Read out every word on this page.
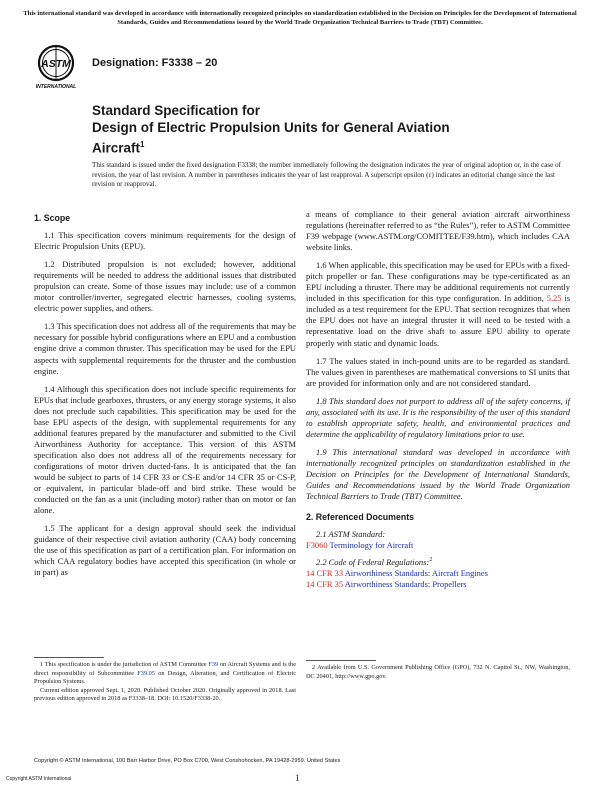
This international standard was developed in accordance with internationally recognized principles on standardization established in the Decision on Principles for the Development of International Standards, Guides and Recommendations issued by the World Trade Organization Technical Barriers to Trade (TBT) Committee.
ASTM
INTERNATIONAL
Designation: F3338 – 20
Standard Specification for
Design of Electric Propulsion Units for General Aviation
Aircraft$^1$
This standard is issued under the fixed designation F3338; the number immediately following the designation indicates the year of original adoption or, in the case of revision, the year of last revision. A number in parentheses indicates the year of last reapproval. A superscript epsilon (ε) indicates an editorial change since the last revision or reapproval.
1. Scope

1.1 This specification covers minimum requirements for the design of Electric Propulsion Units (EPU).

1.2 Distributed propulsion is not excluded; however, additional requirements will be needed to address the additional issues that distributed propulsion can create. Some of those issues may include: use of a common motor controller/inverter, segregated electric harnesses, cooling systems, electric power supplies, and others.

1.3 This specification does not address all of the requirements that may be necessary for possible hybrid configurations where an EPU and a combustion engine drive a common thruster. This specification may be used for the EPU aspects with supplemental requirements for the thruster and the combustion engine.

1.4 Although this specification does not include specific requirements for EPUs that include gearboxes, thrusters, or any energy storage systems, it also does not preclude such capabilities. This specification may be used for the base EPU aspects of the design, with supplemental requirements for any additional features prepared by the manufacturer and submitted to the Civil Airworthiness Authority for acceptance. This version of this ASTM specification also does not address all of the requirements necessary for configurations of motor driven ducted-fans. It is anticipated that the fan would be subject to parts of 14 CFR 33 or CS-E and/or 14 CFR 35 or CS-P, or equivalent, in particular blade-off and bird strike. These would be conducted on the fan as a unit (including motor) rather than on motor or fan alone.

1.5 The applicant for a design approval should seek the individual guidance of their respective civil aviation authority (CAA) body concerning the use of this specification as part of a certification plan. For information on which CAA regulatory bodies have accepted this specification (in whole or in part) as

1 This specification is under the jurisdiction of ASTM Committee F39 on Aircraft Systems and is the direct responsibility of Subcommittee F39.05 on Design, Alteration, and Certification of Electric Propulsion Systems.

Current edition approved Sept. 1, 2020. Published October 2020. Originally approved in 2018. Last previous edition approved in 2018 as F3338–18. DOI: 10.1520/F3338-20.

a means of compliance to their general aviation aircraft airworthiness regulations (hereinafter referred to as “the Rules”), refer to ASTM Committee F39 webpage (www.ASTM.org/COMITTEE/F39.htm), which includes CAA website links.

1.6 When applicable, this specification may be used for EPUs with a fixed-pitch propeller or fan. These configurations may be type-certificated as an EPU including a thruster. There may be additional requirements not currently included in this specification for this type configuration. In addition, 5.25 is included as a test requirement for the EPU. That section recognizes that when the EPU does not have an integral thruster it will need to be tested with a representative load on the drive shaft to assure EPU ability to operate properly with static and dynamic loads.

1.7 The values stated in inch-pound units are to be regarded as standard. The values given in parentheses are mathematical conversions to SI units that are provided for information only and are not considered standard.

1.8 This standard does not purport to address all of the safety concerns, if any, associated with its use. It is the responsibility of the user of this standard to establish appropriate safety, health, and environmental practices and determine the applicability of regulatory limitations prior to use.

1.9 This international standard was developed in accordance with internationally recognized principles on standardization established in the Decision on Principles for the Development of International Standards, Guides and Recommendations issued by the World Trade Organization Technical Barriers to Trade (TBT) Committee.

2. Referenced Documents
2.1 ASTM Standard:
F3060 Terminology for Aircraft
2.2 Code of Federal Regulations:$^2$
14 CFR 33 Airworthiness Standards: Aircraft Engines
14 CFR 35 Airworthiness Standards: Propellers

2 Available from U.S. Government Publishing Office (GPO), 732 N. Capitol St., NW, Washington, DC 20401, http://www.gpo.gov.

Copyright © ASTM International, 100 Barr Harbor Drive, PO Box C700, West Conshohocken, PA 19428-2959. United States
Copyright ASTM International	1
